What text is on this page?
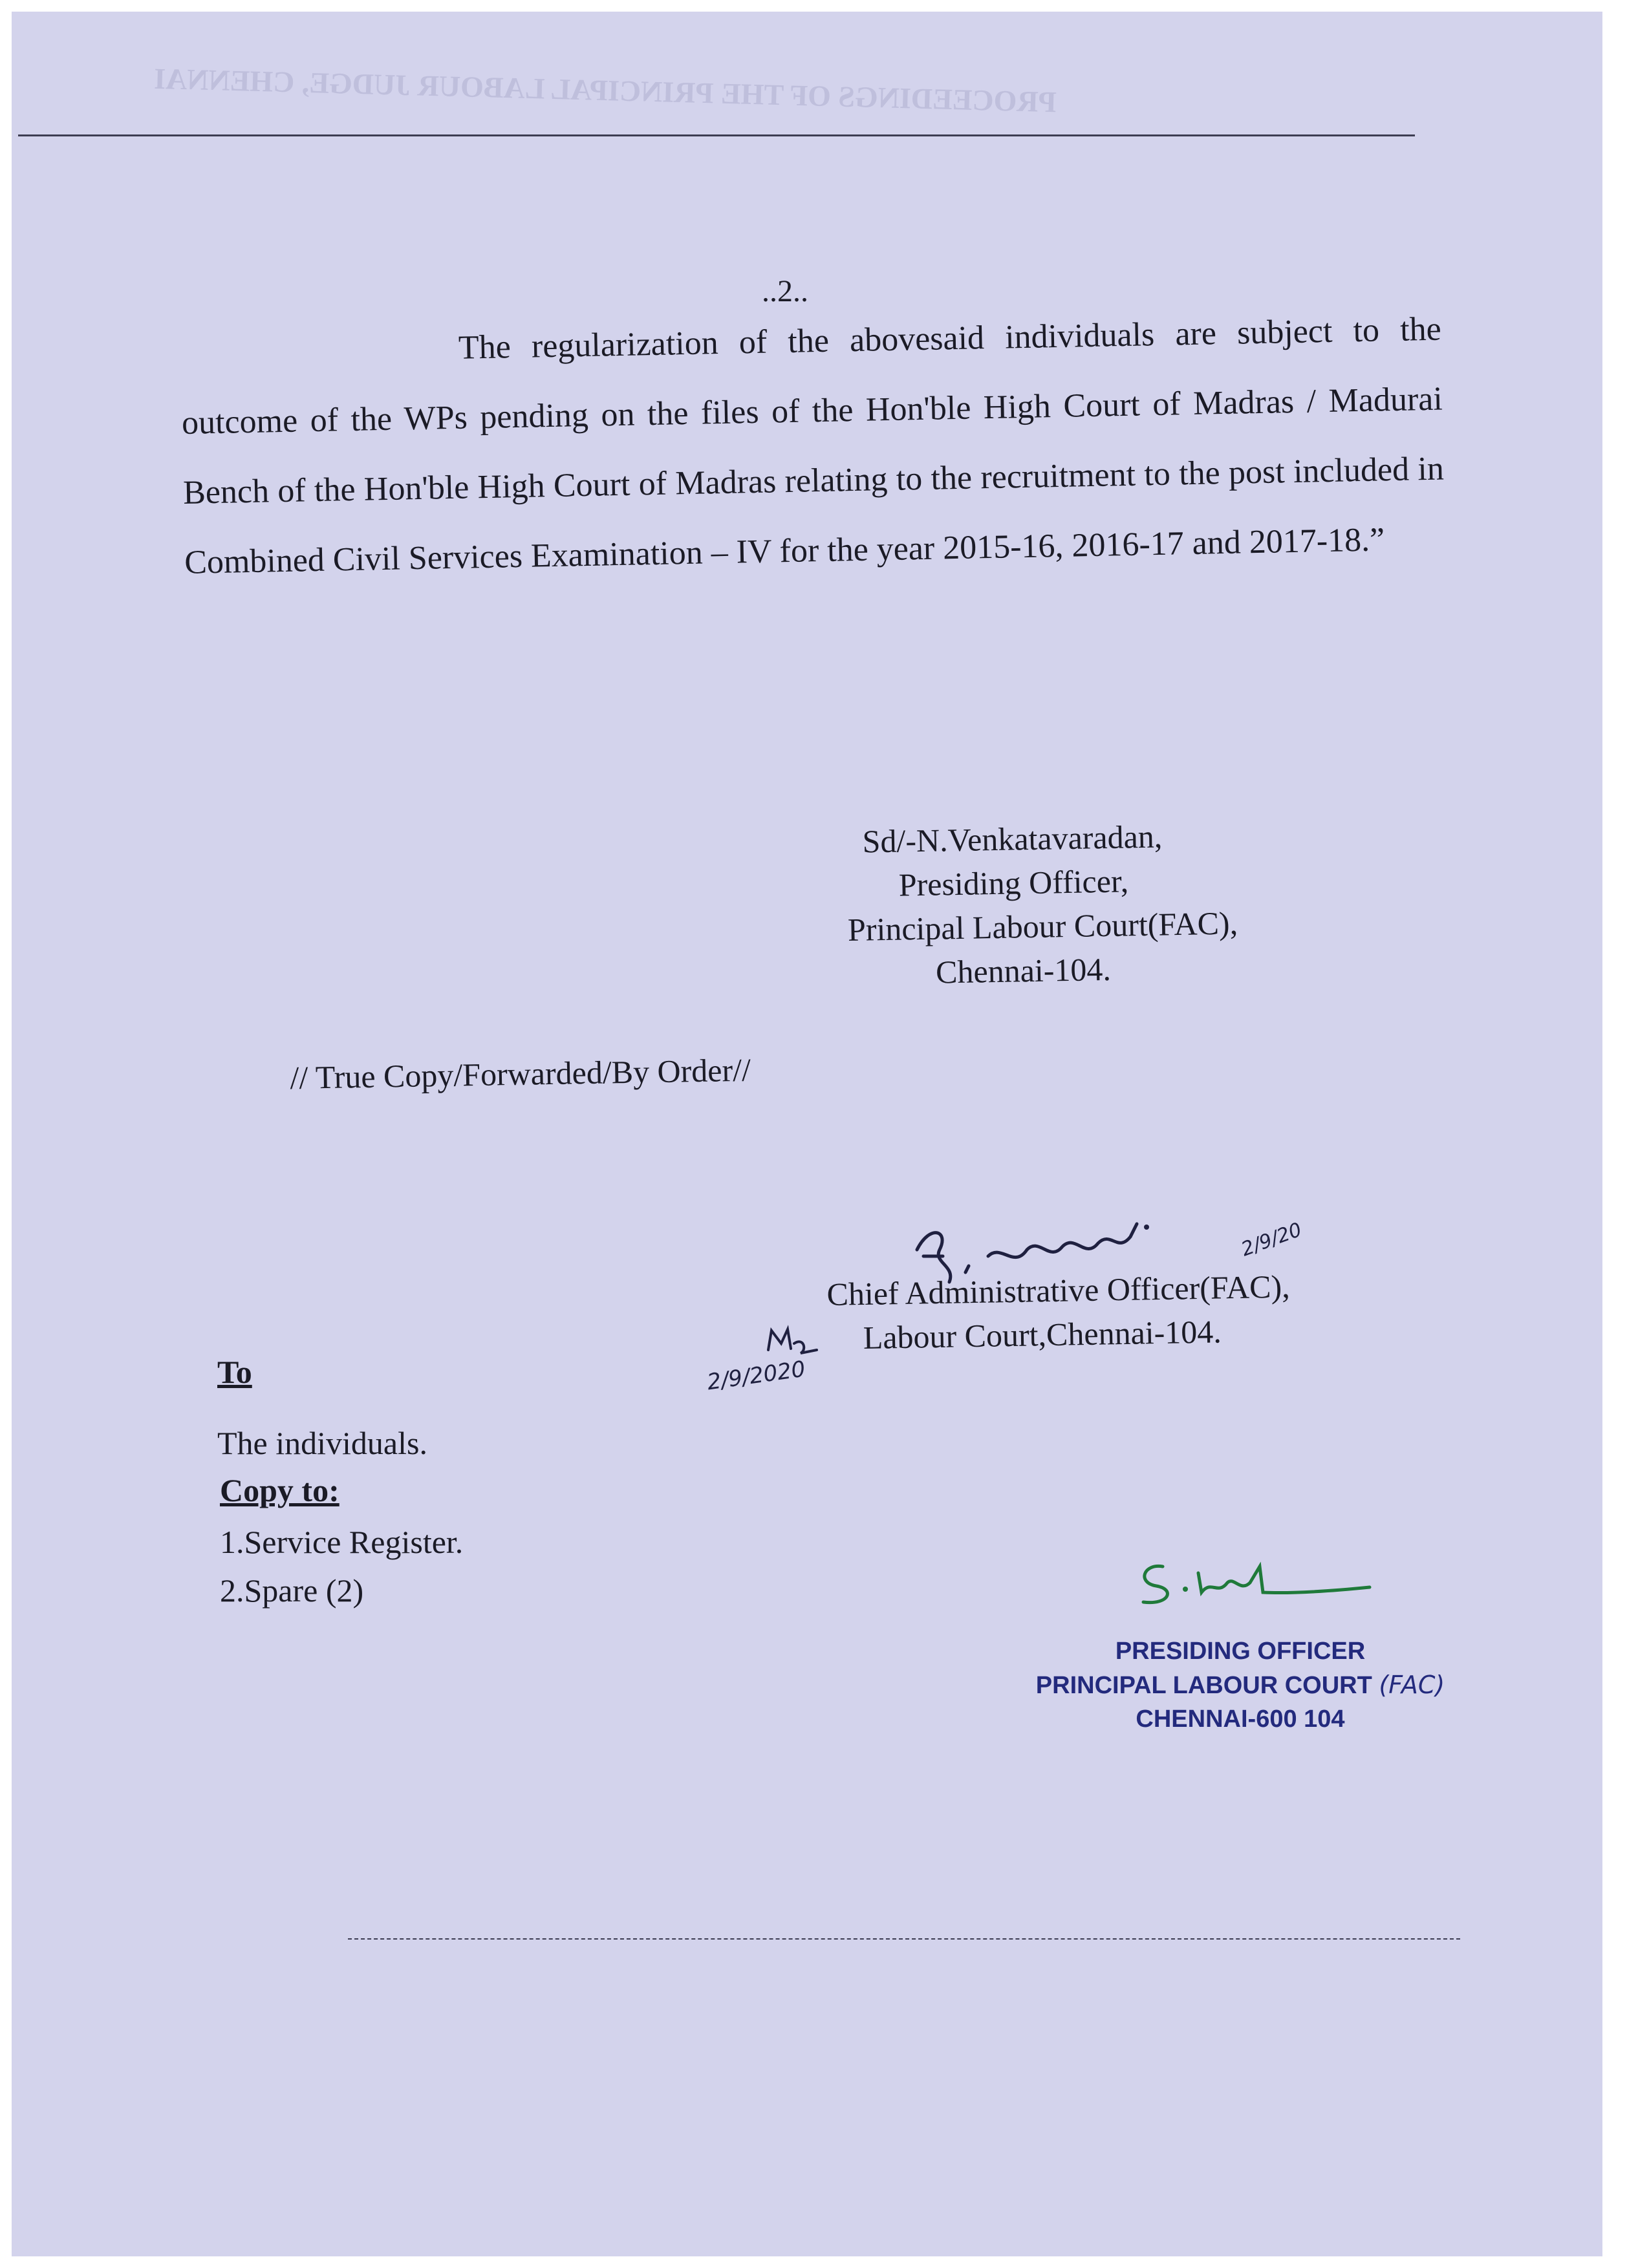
PROCEEDINGS OF THE PRINCIPAL LABOUR JUDGE, CHENNAI
..2..
The regularization of the abovesaid individuals are subject to the outcome of the WPs pending on the files of the Hon'ble High Court of Madras / Madurai Bench of the Hon'ble High Court of Madras relating to the recruitment to the post included in Combined Civil Services Examination – IV for the year 2015-16, 2016-17 and 2017-18.”
Sd/-N.Venkatavaradan,
Presiding Officer,
Principal Labour Court(FAC),
Chennai-104.
// True Copy/Forwarded/By Order//
2/9/20
Chief Administrative Officer(FAC),
Labour Court,Chennai-104.
2/9/2020
To
The individuals.
Copy to:
1.Service Register.
2.Spare (2)
PRESIDING OFFICER
PRINCIPAL LABOUR COURT (FAC)
CHENNAI-600 104
